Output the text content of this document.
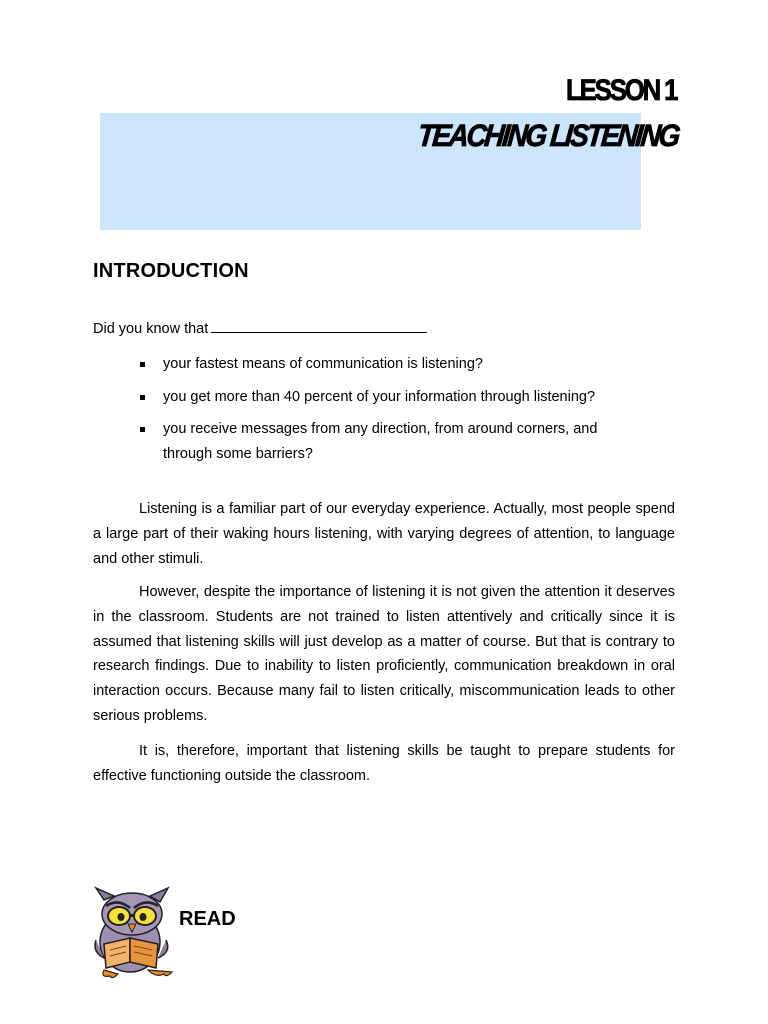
LESSON 1
TEACHING LISTENING
INTRODUCTION
Did you know that
your fastest means of communication is listening?
you get more than 40 percent of your information through listening?
you receive messages from any direction, from around corners, and through some barriers?

Listening is a familiar part of our everyday experience. Actually, most people spend a large part of their waking hours listening, with varying degrees of attention, to language and other stimuli.

However, despite the importance of listening it is not given the attention it deserves in the classroom. Students are not trained to listen attentively and critically since it is assumed that listening skills will just develop as a matter of course. But that is contrary to research findings. Due to inability to listen proficiently, communication breakdown in oral interaction occurs. Because many fail to listen critically, miscommunication leads to other serious problems.

It is, therefore, important that listening skills be taught to prepare students for effective functioning outside the classroom.

READ
